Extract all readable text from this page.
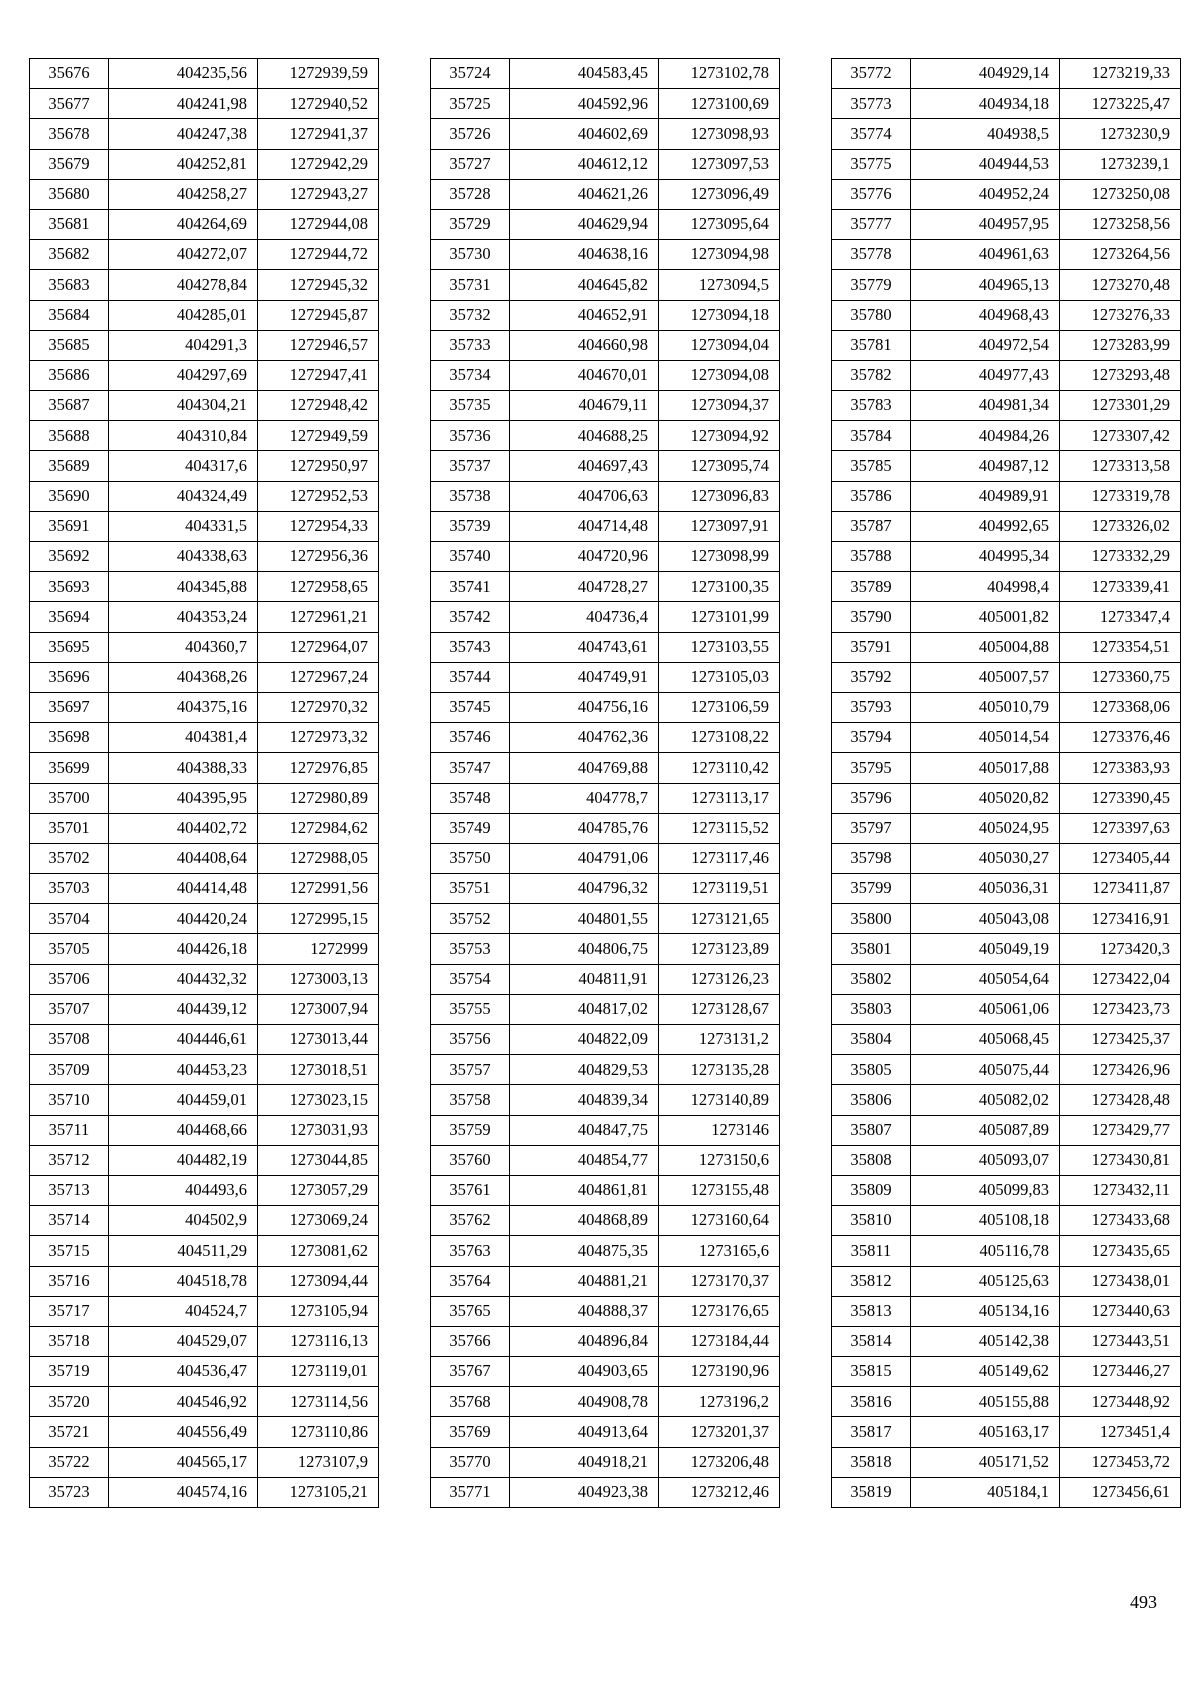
35676	404235,56	1272939,59
35677	404241,98	1272940,52
35678	404247,38	1272941,37
35679	404252,81	1272942,29
35680	404258,27	1272943,27
35681	404264,69	1272944,08
35682	404272,07	1272944,72
35683	404278,84	1272945,32
35684	404285,01	1272945,87
35685	404291,3	1272946,57
35686	404297,69	1272947,41
35687	404304,21	1272948,42
35688	404310,84	1272949,59
35689	404317,6	1272950,97
35690	404324,49	1272952,53
35691	404331,5	1272954,33
35692	404338,63	1272956,36
35693	404345,88	1272958,65
35694	404353,24	1272961,21
35695	404360,7	1272964,07
35696	404368,26	1272967,24
35697	404375,16	1272970,32
35698	404381,4	1272973,32
35699	404388,33	1272976,85
35700	404395,95	1272980,89
35701	404402,72	1272984,62
35702	404408,64	1272988,05
35703	404414,48	1272991,56
35704	404420,24	1272995,15
35705	404426,18	1272999
35706	404432,32	1273003,13
35707	404439,12	1273007,94
35708	404446,61	1273013,44
35709	404453,23	1273018,51
35710	404459,01	1273023,15
35711	404468,66	1273031,93
35712	404482,19	1273044,85
35713	404493,6	1273057,29
35714	404502,9	1273069,24
35715	404511,29	1273081,62
35716	404518,78	1273094,44
35717	404524,7	1273105,94
35718	404529,07	1273116,13
35719	404536,47	1273119,01
35720	404546,92	1273114,56
35721	404556,49	1273110,86
35722	404565,17	1273107,9
35723	404574,16	1273105,21
35724	404583,45	1273102,78
35725	404592,96	1273100,69
35726	404602,69	1273098,93
35727	404612,12	1273097,53
35728	404621,26	1273096,49
35729	404629,94	1273095,64
35730	404638,16	1273094,98
35731	404645,82	1273094,5
35732	404652,91	1273094,18
35733	404660,98	1273094,04
35734	404670,01	1273094,08
35735	404679,11	1273094,37
35736	404688,25	1273094,92
35737	404697,43	1273095,74
35738	404706,63	1273096,83
35739	404714,48	1273097,91
35740	404720,96	1273098,99
35741	404728,27	1273100,35
35742	404736,4	1273101,99
35743	404743,61	1273103,55
35744	404749,91	1273105,03
35745	404756,16	1273106,59
35746	404762,36	1273108,22
35747	404769,88	1273110,42
35748	404778,7	1273113,17
35749	404785,76	1273115,52
35750	404791,06	1273117,46
35751	404796,32	1273119,51
35752	404801,55	1273121,65
35753	404806,75	1273123,89
35754	404811,91	1273126,23
35755	404817,02	1273128,67
35756	404822,09	1273131,2
35757	404829,53	1273135,28
35758	404839,34	1273140,89
35759	404847,75	1273146
35760	404854,77	1273150,6
35761	404861,81	1273155,48
35762	404868,89	1273160,64
35763	404875,35	1273165,6
35764	404881,21	1273170,37
35765	404888,37	1273176,65
35766	404896,84	1273184,44
35767	404903,65	1273190,96
35768	404908,78	1273196,2
35769	404913,64	1273201,37
35770	404918,21	1273206,48
35771	404923,38	1273212,46
35772	404929,14	1273219,33
35773	404934,18	1273225,47
35774	404938,5	1273230,9
35775	404944,53	1273239,1
35776	404952,24	1273250,08
35777	404957,95	1273258,56
35778	404961,63	1273264,56
35779	404965,13	1273270,48
35780	404968,43	1273276,33
35781	404972,54	1273283,99
35782	404977,43	1273293,48
35783	404981,34	1273301,29
35784	404984,26	1273307,42
35785	404987,12	1273313,58
35786	404989,91	1273319,78
35787	404992,65	1273326,02
35788	404995,34	1273332,29
35789	404998,4	1273339,41
35790	405001,82	1273347,4
35791	405004,88	1273354,51
35792	405007,57	1273360,75
35793	405010,79	1273368,06
35794	405014,54	1273376,46
35795	405017,88	1273383,93
35796	405020,82	1273390,45
35797	405024,95	1273397,63
35798	405030,27	1273405,44
35799	405036,31	1273411,87
35800	405043,08	1273416,91
35801	405049,19	1273420,3
35802	405054,64	1273422,04
35803	405061,06	1273423,73
35804	405068,45	1273425,37
35805	405075,44	1273426,96
35806	405082,02	1273428,48
35807	405087,89	1273429,77
35808	405093,07	1273430,81
35809	405099,83	1273432,11
35810	405108,18	1273433,68
35811	405116,78	1273435,65
35812	405125,63	1273438,01
35813	405134,16	1273440,63
35814	405142,38	1273443,51
35815	405149,62	1273446,27
35816	405155,88	1273448,92
35817	405163,17	1273451,4
35818	405171,52	1273453,72
35819	405184,1	1273456,61
493
